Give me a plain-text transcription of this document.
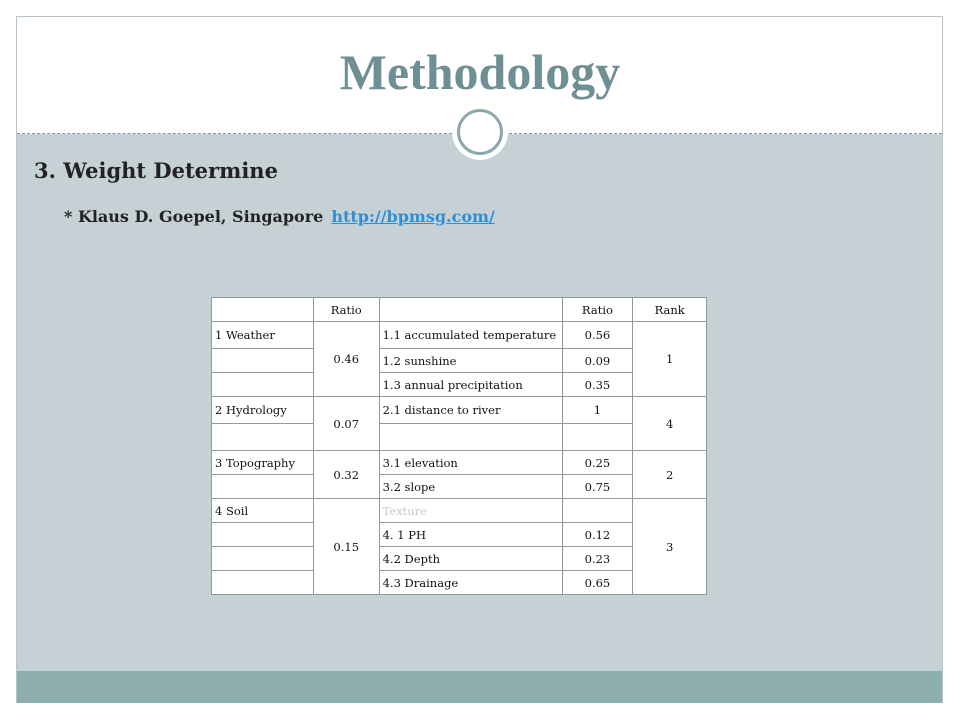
Methodology
3. Weight Determine
* Klaus D. Goepel, Singapore http://bpmsg.com/
	Ratio		Ratio	Rank
1 Weather	0.46	1.1 accumulated temperature	0.56	1
		1.2 sunshine	0.09	
		1.3 annual precipitation	0.35	
2 Hydrology	0.07	2.1 distance to river	1	4

3 Topography	0.32	3.1 elevation	0.25	2
		3.2 slope	0.75	
4 Soil	0.15	Texture		3
		4. 1 PH	0.12	
		4.2 Depth	0.23	
		4.3 Drainage	0.65	
